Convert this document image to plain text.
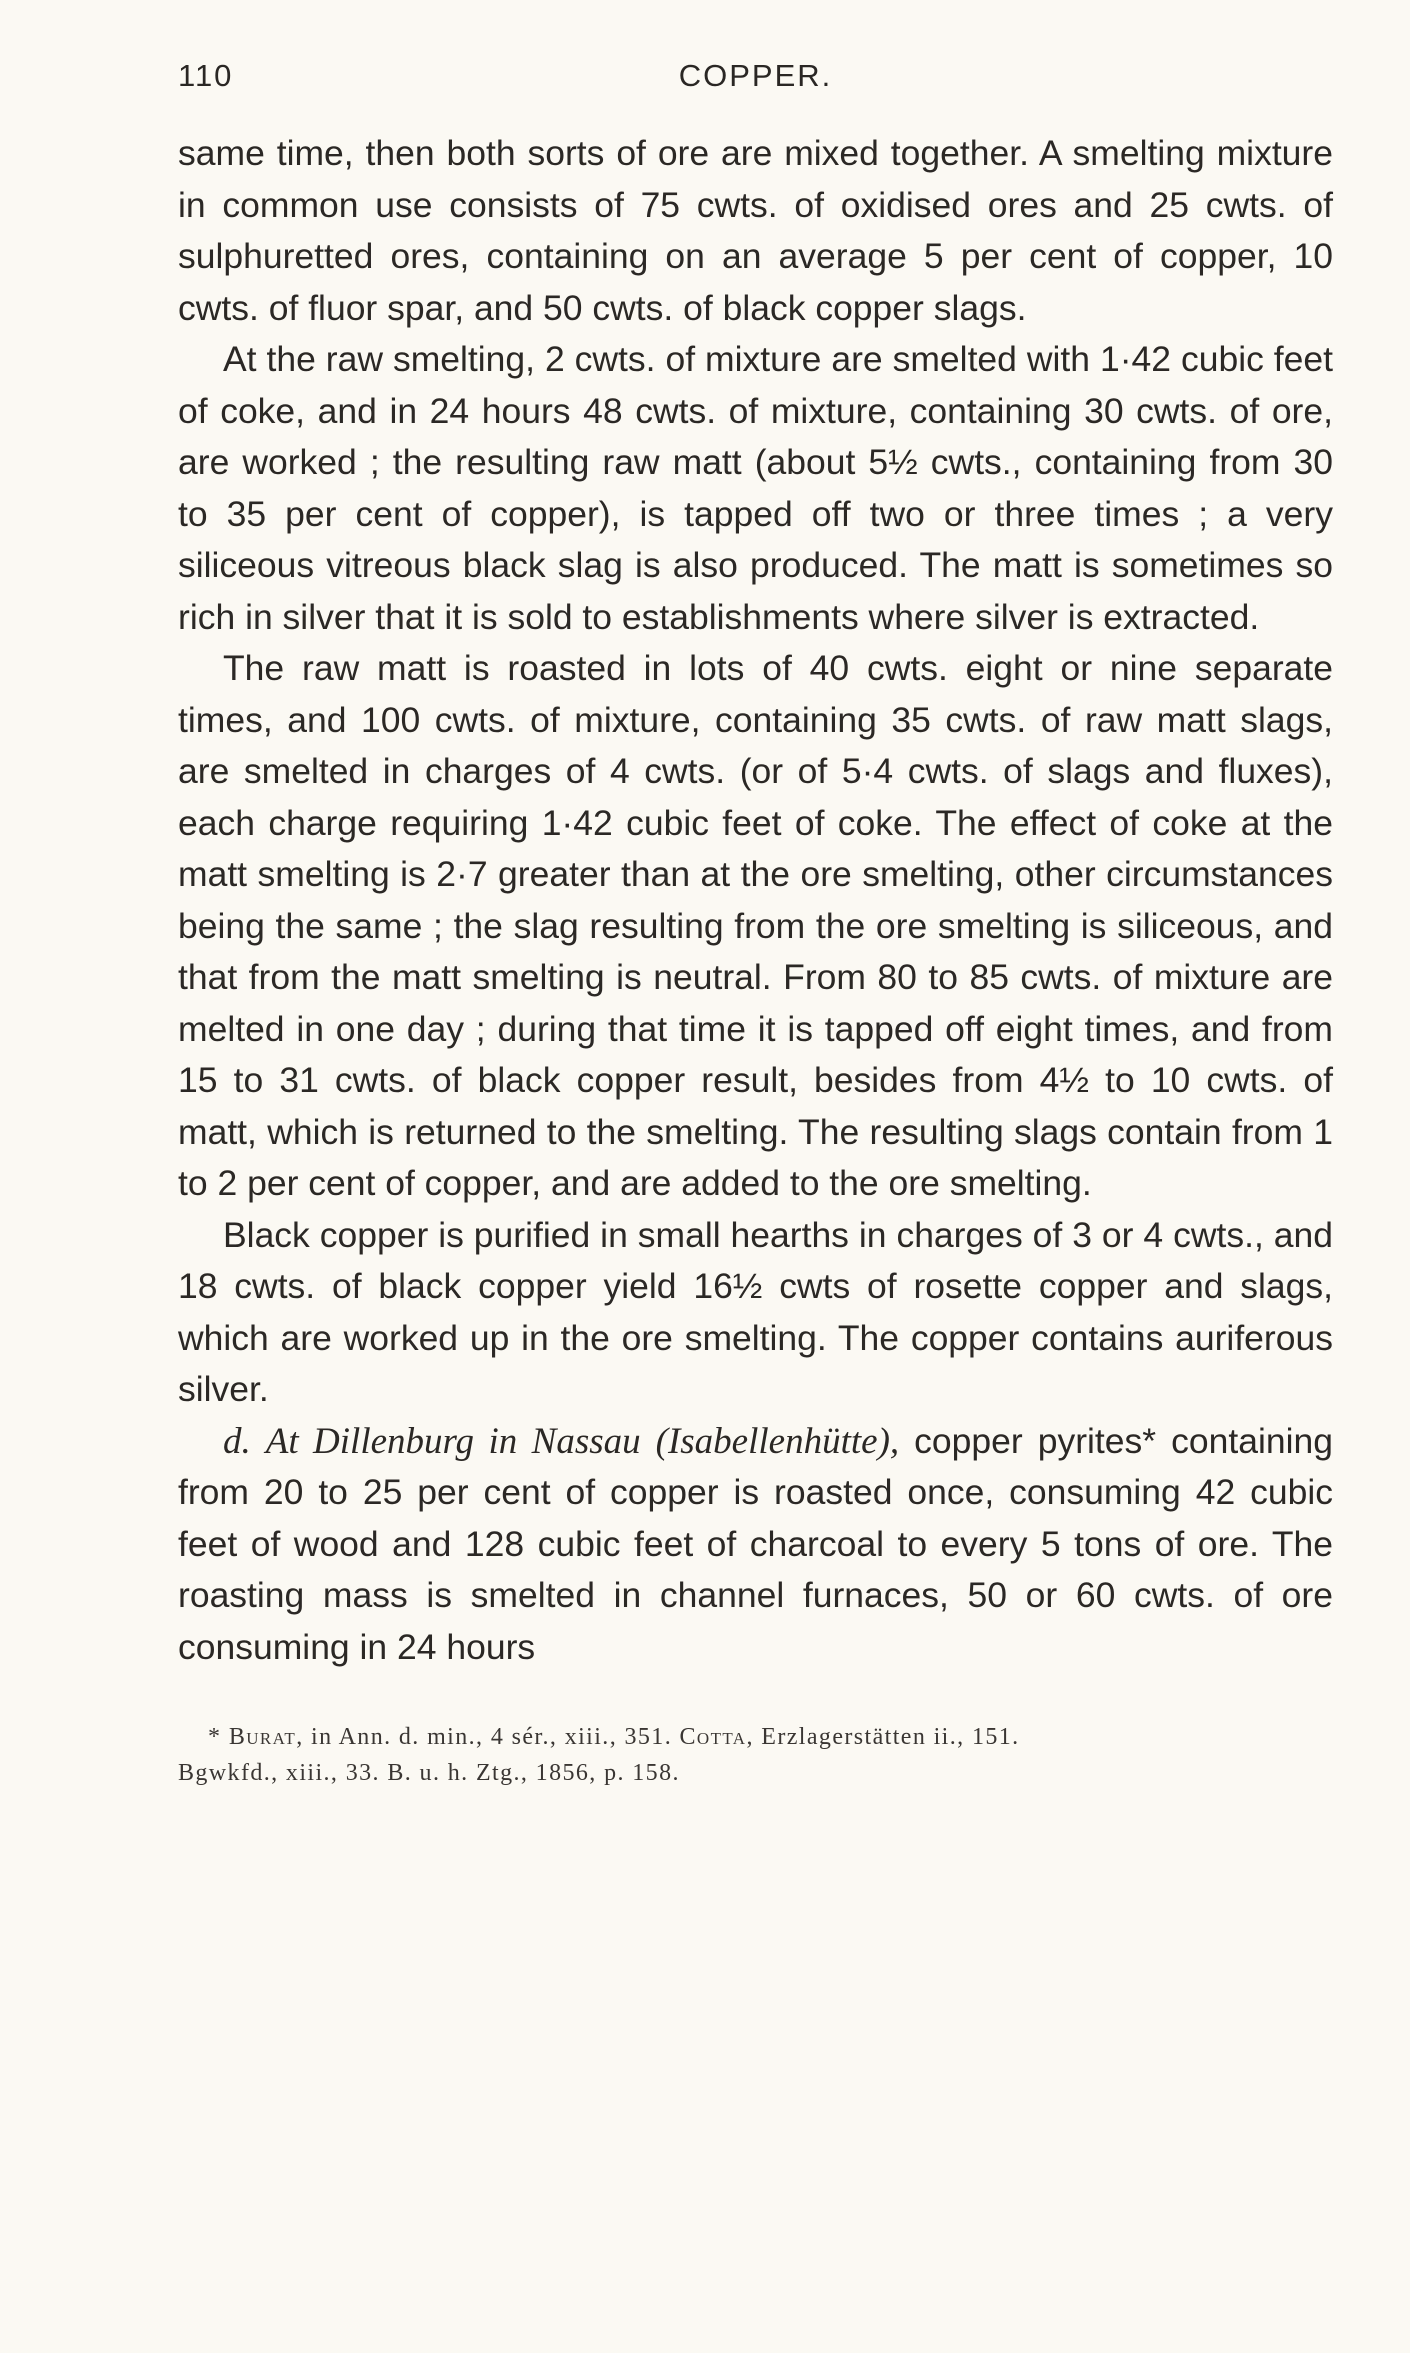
110	COPPER.

same time, then both sorts of ore are mixed together. A smelting mixture in common use consists of 75 cwts. of oxidised ores and 25 cwts. of sulphuretted ores, containing on an average 5 per cent of copper, 10 cwts. of fluor spar, and 50 cwts. of black copper slags.

At the raw smelting, 2 cwts. of mixture are smelted with 1·42 cubic feet of coke, and in 24 hours 48 cwts. of mixture, containing 30 cwts. of ore, are worked ; the resulting raw matt (about 5½ cwts., containing from 30 to 35 per cent of copper), is tapped off two or three times ; a very siliceous vitreous black slag is also produced. The matt is sometimes so rich in silver that it is sold to establishments where silver is extracted.

The raw matt is roasted in lots of 40 cwts. eight or nine separate times, and 100 cwts. of mixture, containing 35 cwts. of raw matt slags, are smelted in charges of 4 cwts. (or of 5·4 cwts. of slags and fluxes), each charge requiring 1·42 cubic feet of coke. The effect of coke at the matt smelting is 2·7 greater than at the ore smelting, other circumstances being the same ; the slag resulting from the ore smelting is siliceous, and that from the matt smelting is neutral. From 80 to 85 cwts. of mixture are melted in one day ; during that time it is tapped off eight times, and from 15 to 31 cwts. of black copper result, besides from 4½ to 10 cwts. of matt, which is returned to the smelting. The resulting slags contain from 1 to 2 per cent of copper, and are added to the ore smelting.

Black copper is purified in small hearths in charges of 3 or 4 cwts., and 18 cwts. of black copper yield 16½ cwts of rosette copper and slags, which are worked up in the ore smelting. The copper contains auriferous silver.

d. At Dillenburg in Nassau (Isabellenhütte), copper pyrites* containing from 20 to 25 per cent of copper is roasted once, consuming 42 cubic feet of wood and 128 cubic feet of charcoal to every 5 tons of ore. The roasting mass is smelted in channel furnaces, 50 or 60 cwts. of ore consuming in 24 hours

* Burat, in Ann. d. min., 4 sér., xiii., 351. Cotta, Erzlagerstätten ii., 151.

Bgwkfd., xiii., 33. B. u. h. Ztg., 1856, p. 158.
